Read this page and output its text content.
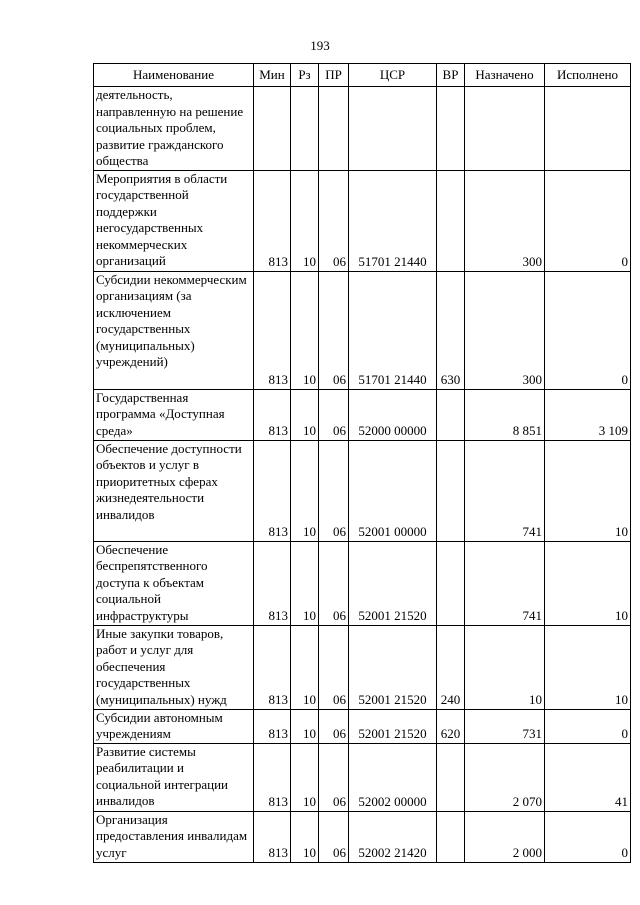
193
Наименование	Мин	Рз	ПР	ЦСР	ВР	Назначено	Исполнено
деятельность, направленную на решение социальных проблем, развитие гражданского общества							
Мероприятия в области государственной поддержки негосударственных некоммерческих организаций	813	10	06	51701 21440		300	0
Субсидии некоммерческим организациям (за исключением государственных (муниципальных) учреждений)	813	10	06	51701 21440	630	300	0
Государственная программа «Доступная среда»	813	10	06	52000 00000		8 851	3 109
Обеспечение доступности объектов и услуг в приоритетных сферах жизнедеятельности инвалидов	813	10	06	52001 00000		741	10
Обеспечение беспрепятственного доступа к объектам социальной инфраструктуры	813	10	06	52001 21520		741	10
Иные закупки товаров, работ и услуг для обеспечения государственных (муниципальных) нужд	813	10	06	52001 21520	240	10	10
Субсидии автономным учреждениям	813	10	06	52001 21520	620	731	0
Развитие системы реабилитации и социальной интеграции инвалидов	813	10	06	52002 00000		2 070	41
Организация предоставления инвалидам услуг	813	10	06	52002 21420		2 000	0
